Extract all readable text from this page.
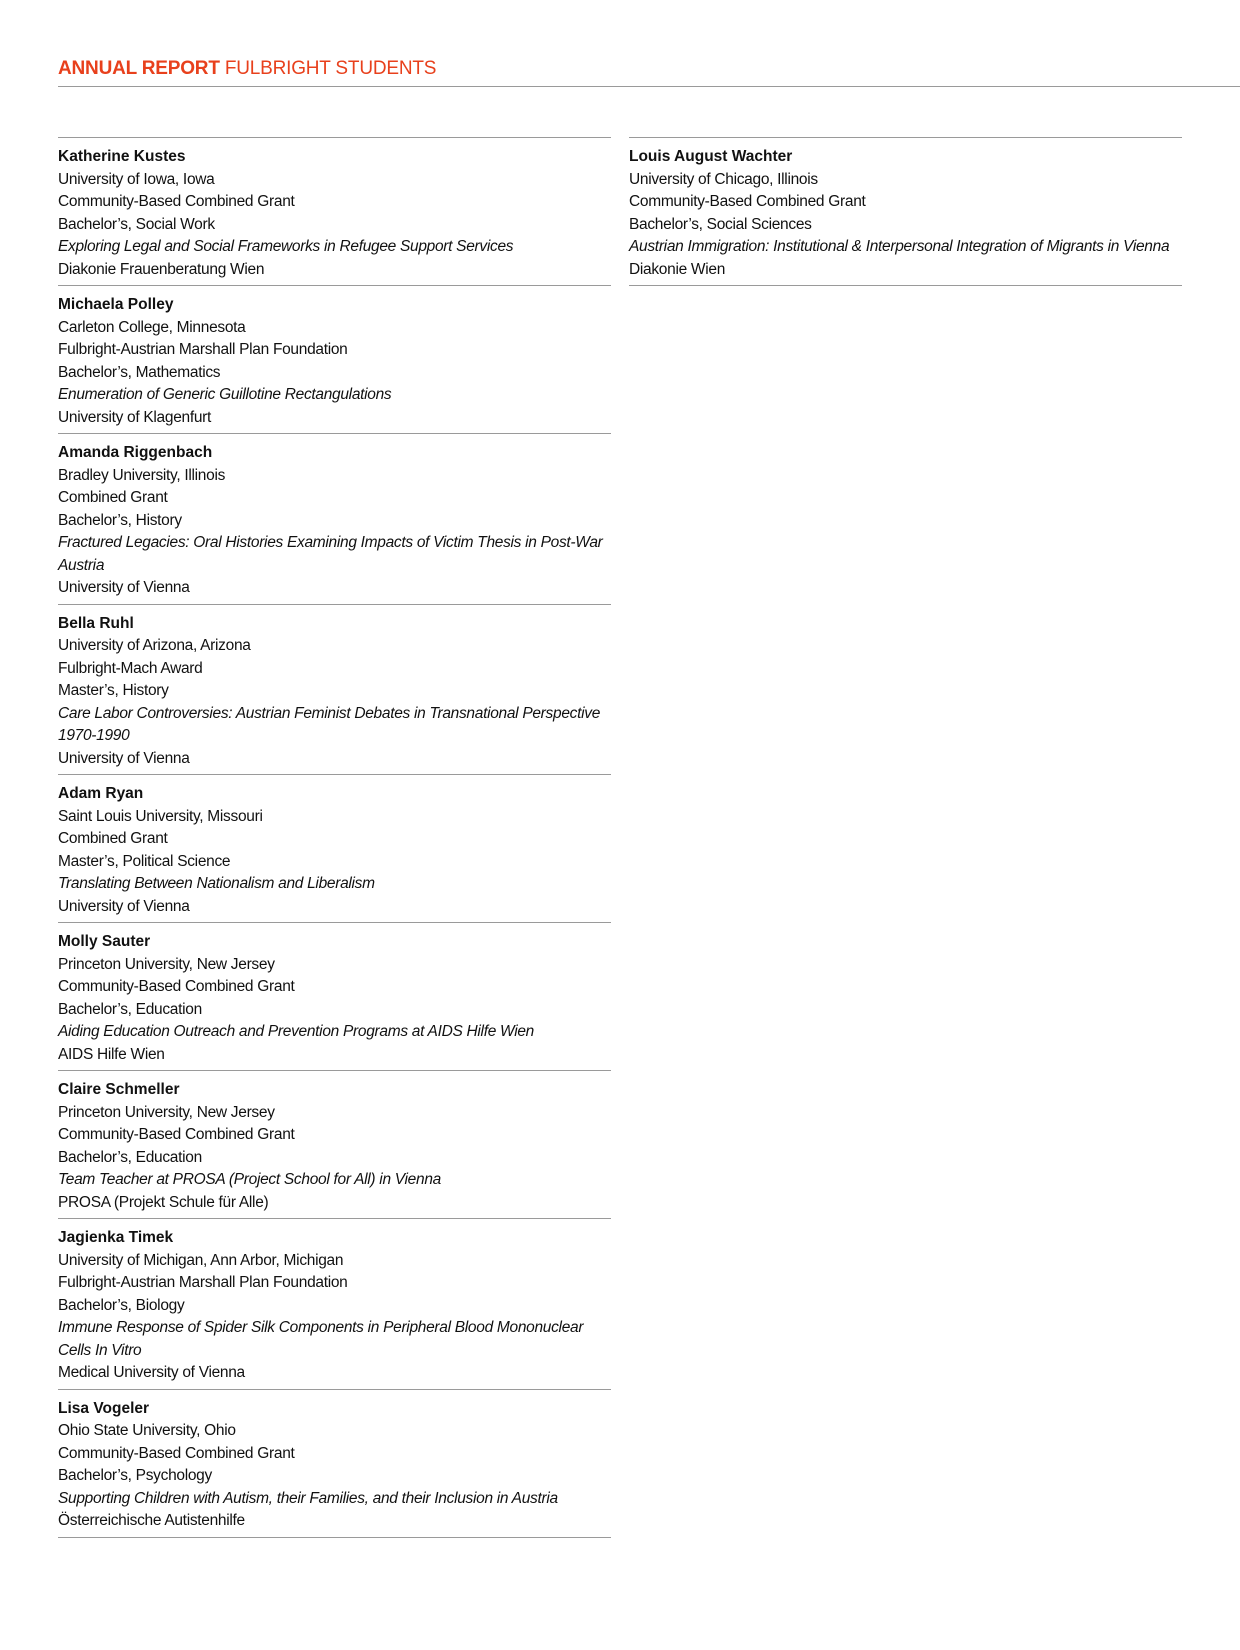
ANNUAL REPORT FULBRIGHT STUDENTS
Katherine Kustes
University of Iowa, Iowa
Community-Based Combined Grant
Bachelor’s, Social Work
Exploring Legal and Social Frameworks in Refugee Support Services
Diakonie Frauenberatung Wien
Michaela Polley
Carleton College, Minnesota
Fulbright-Austrian Marshall Plan Foundation
Bachelor’s, Mathematics
Enumeration of Generic Guillotine Rectangulations
University of Klagenfurt
Amanda Riggenbach
Bradley University, Illinois
Combined Grant
Bachelor’s, History
Fractured Legacies: Oral Histories Examining Impacts of Victim Thesis in Post-War Austria
University of Vienna
Bella Ruhl
University of Arizona, Arizona
Fulbright-Mach Award
Master’s, History
Care Labor Controversies: Austrian Feminist Debates in Transnational Perspective 1970-1990
University of Vienna
Adam Ryan
Saint Louis University, Missouri
Combined Grant
Master’s, Political Science
Translating Between Nationalism and Liberalism
University of Vienna
Molly Sauter
Princeton University, New Jersey
Community-Based Combined Grant
Bachelor’s, Education
Aiding Education Outreach and Prevention Programs at AIDS Hilfe Wien
AIDS Hilfe Wien
Claire Schmeller
Princeton University, New Jersey
Community-Based Combined Grant
Bachelor’s, Education
Team Teacher at PROSA (Project School for All) in Vienna
PROSA (Projekt Schule für Alle)
Jagienka Timek
University of Michigan, Ann Arbor, Michigan
Fulbright-Austrian Marshall Plan Foundation
Bachelor’s, Biology
Immune Response of Spider Silk Components in Peripheral Blood Mononuclear Cells In Vitro
Medical University of Vienna
Lisa Vogeler
Ohio State University, Ohio
Community-Based Combined Grant
Bachelor’s, Psychology
Supporting Children with Autism, their Families, and their Inclusion in Austria
Österreichische Autistenhilfe
Louis August Wachter
University of Chicago, Illinois
Community-Based Combined Grant
Bachelor’s, Social Sciences
Austrian Immigration: Institutional & Interpersonal Integration of Migrants in Vienna
Diakonie Wien
